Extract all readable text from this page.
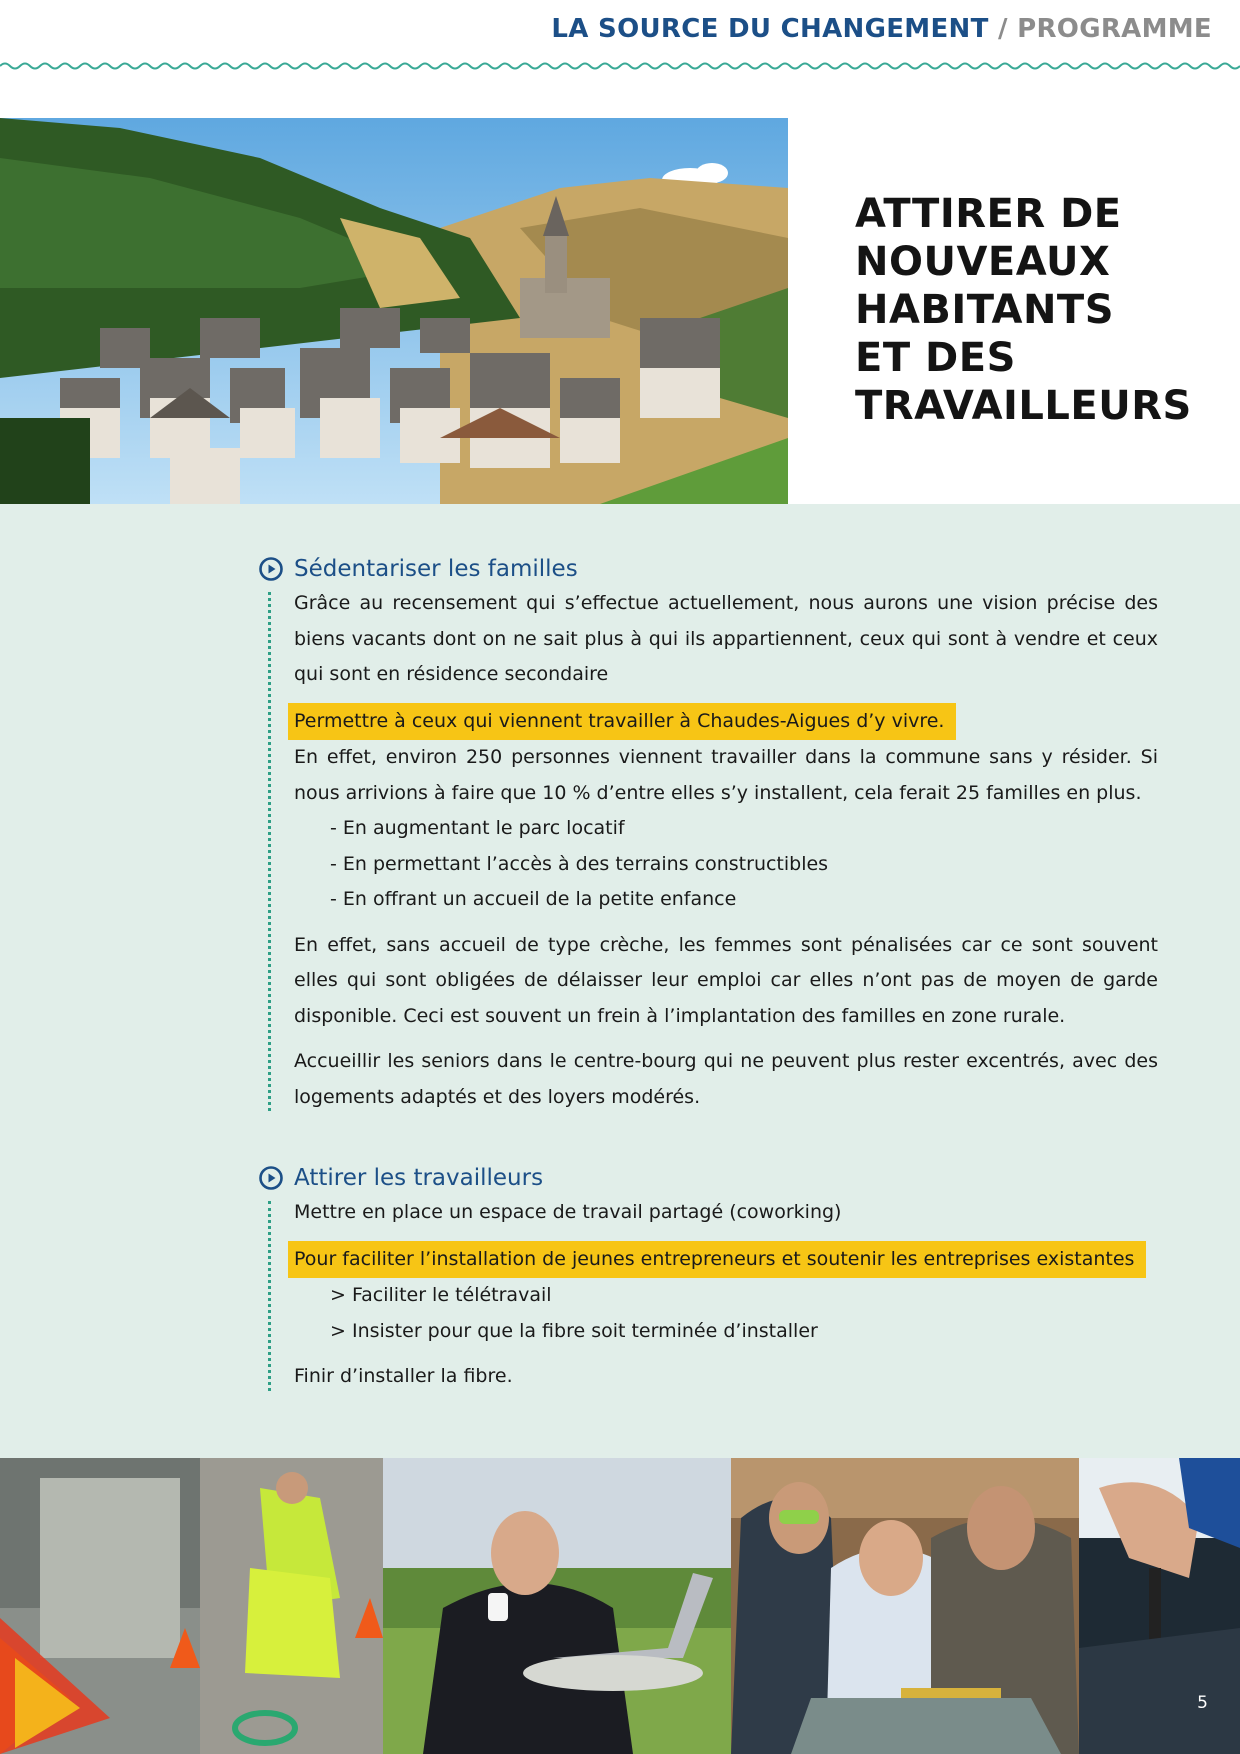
LA SOURCE DU CHANGEMENT / PROGRAMME
ATTIRER DE
NOUVEAUX
HABITANTS
ET DES
TRAVAILLEURS
Sédentariser les familles

Grâce au recensement qui s’effectue actuellement, nous aurons une vision précise des biens vacants dont on ne sait plus à qui ils appartiennent, ceux qui sont à vendre et ceux qui sont en résidence secondaire

Permettre à ceux qui viennent travailler à Chaudes-Aigues d’y vivre.

En effet, environ 250 personnes viennent travailler dans la commune sans y résider. Si nous arrivions à faire que 10 % d’entre elles s’y installent, cela ferait 25 familles en plus.

- En augmentant le parc locatif
- En permettant l’accès à des terrains constructibles
- En offrant un accueil de la petite enfance

En effet, sans accueil de type crèche, les femmes sont pénalisées car ce sont souvent elles qui sont obligées de délaisser leur emploi car elles n’ont pas de moyen de garde disponible. Ceci est souvent un frein à l’implantation des familles en zone rurale.

Accueillir les seniors dans le centre-bourg qui ne peuvent plus rester excentrés, avec des logements adaptés et des loyers modérés.

Attirer les travailleurs

Mettre en place un espace de travail partagé (coworking)

Pour faciliter l’installation de jeunes entrepreneurs et soutenir les entreprises existantes

> Faciliter le télétravail
> Insister pour que la fibre soit terminée d’installer

Finir d’installer la fibre.

5
